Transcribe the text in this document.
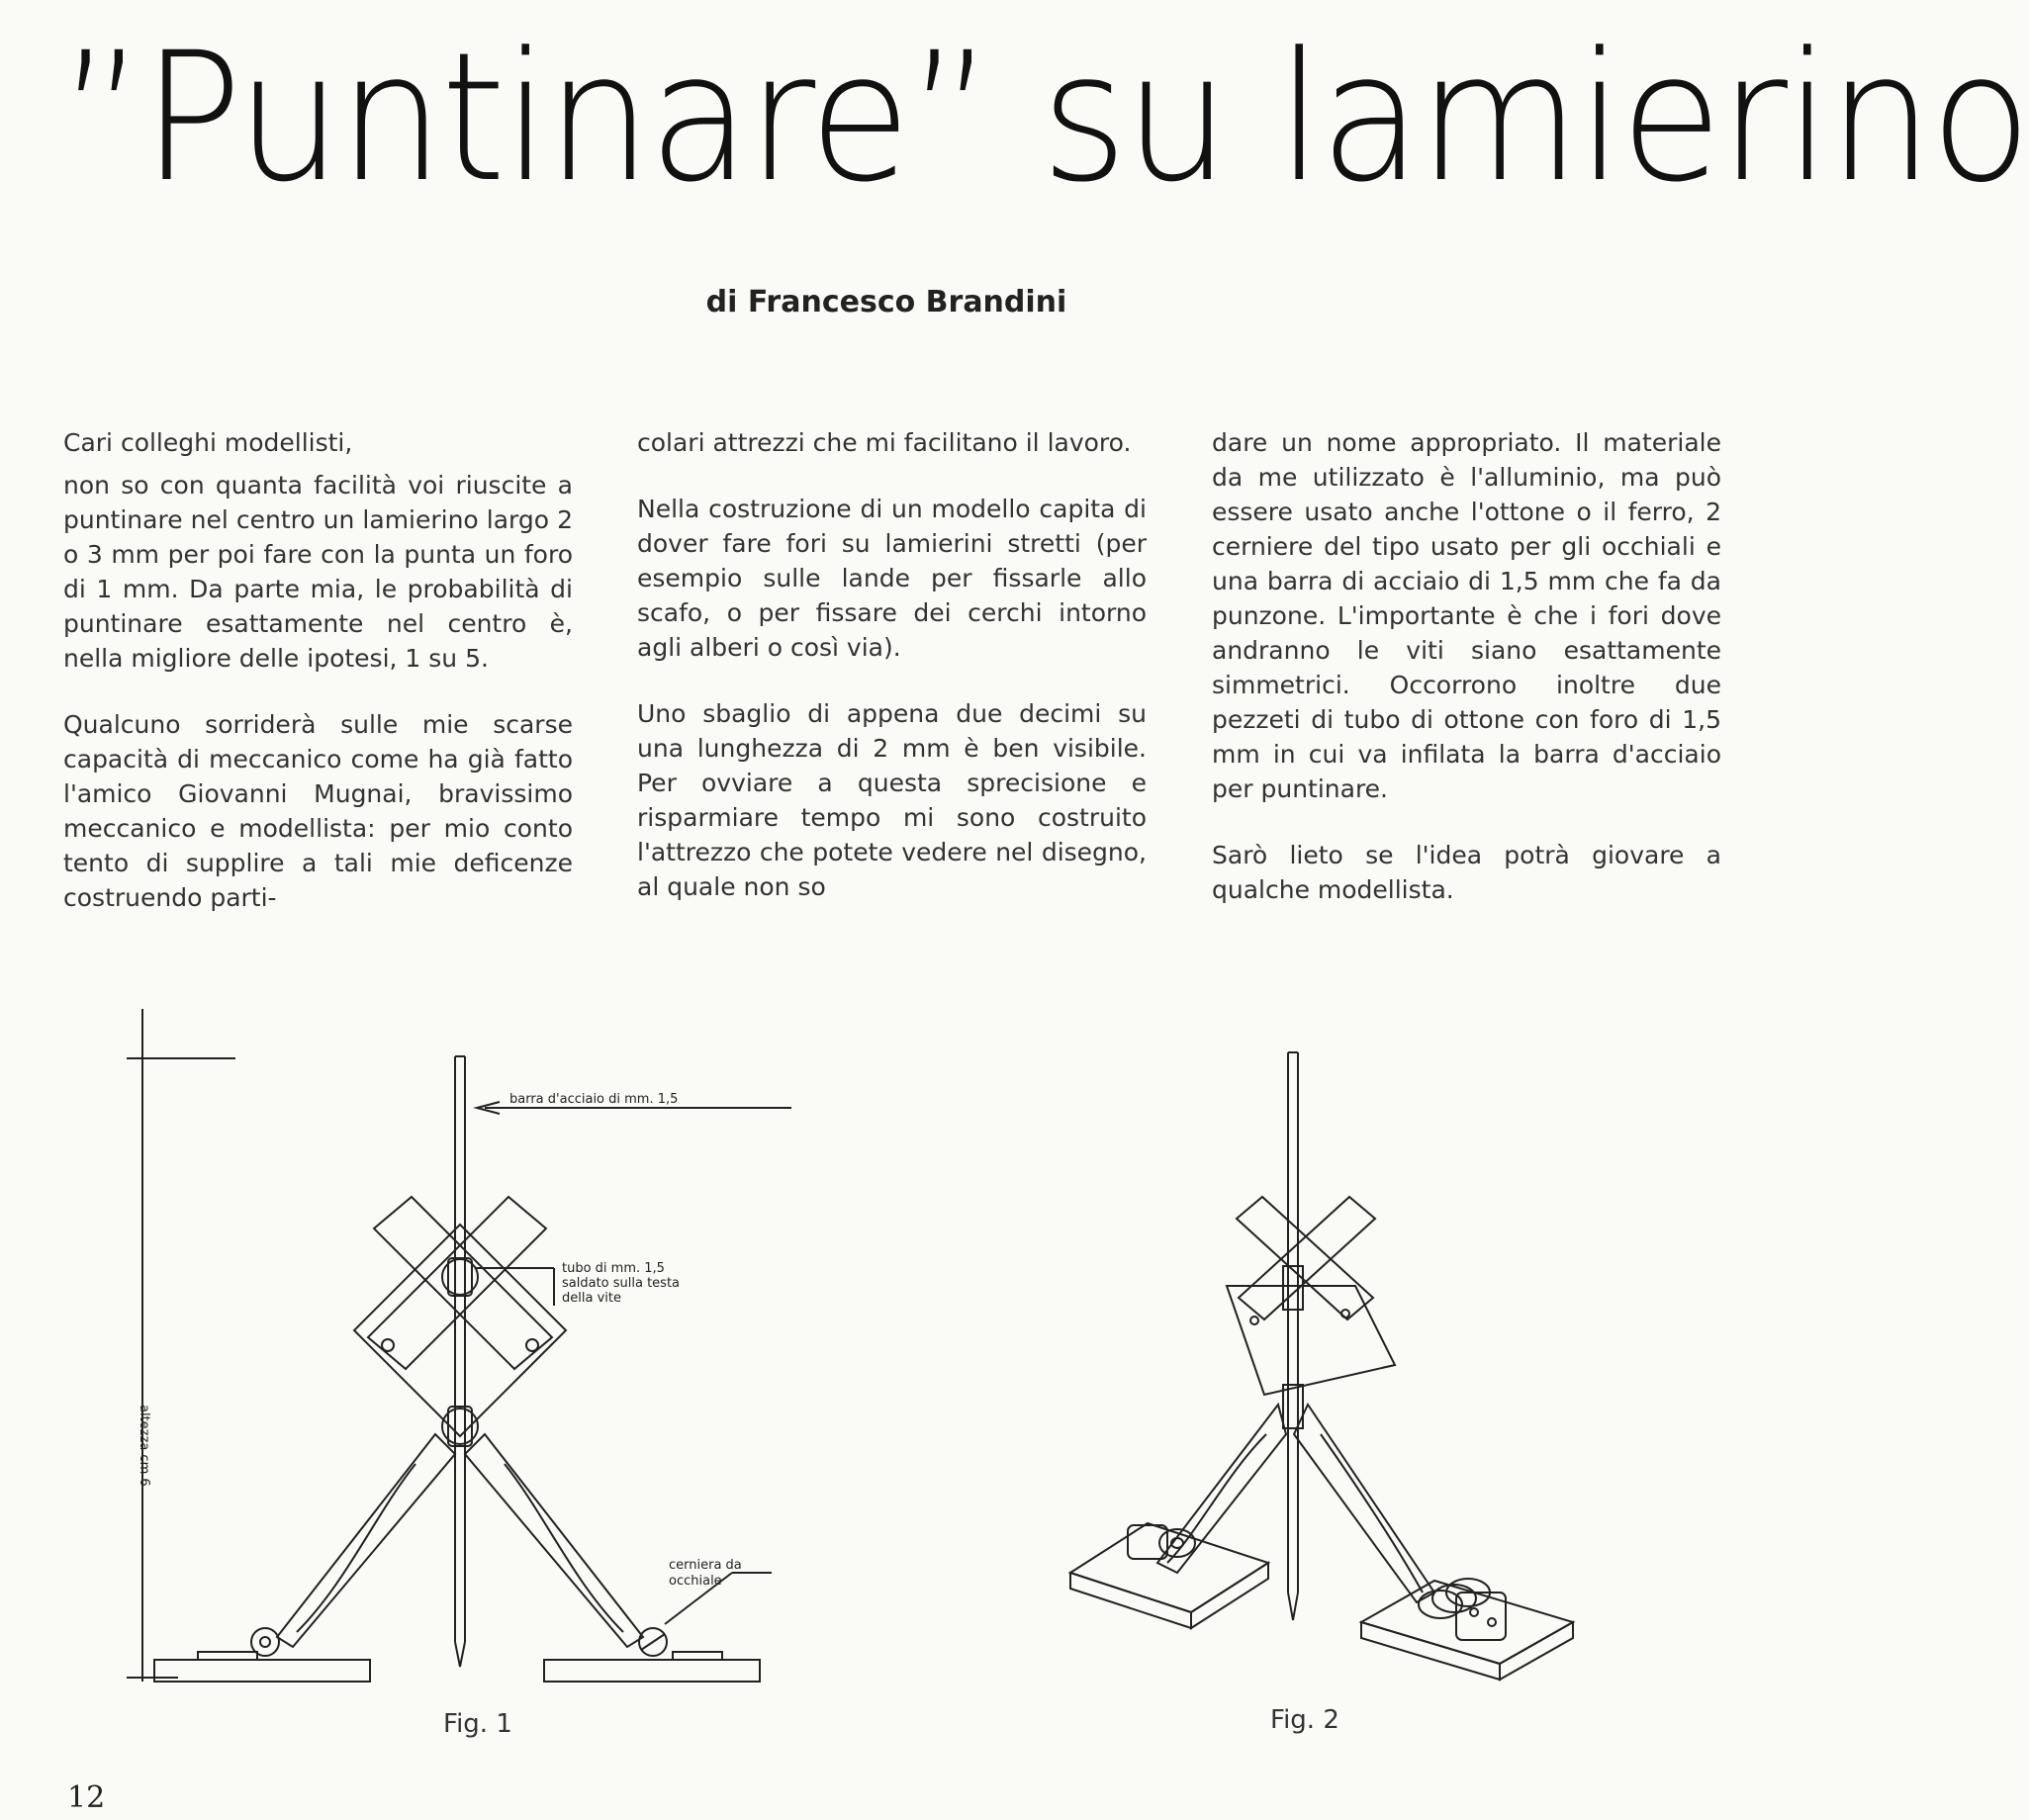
”Puntinare” su lamierino
di Francesco Brandini

Cari colleghi modellisti,

non so con quanta facilità voi riuscite a puntinare nel centro un lamierino largo 2 o 3 mm per poi fare con la punta un foro di 1 mm. Da parte mia, le probabilità di puntinare esattamente nel centro è, nella migliore delle ipotesi, 1 su 5.

Qualcuno sorriderà sulle mie scarse capacità di meccanico come ha già fatto l'amico Giovanni Mugnai, bravissimo meccanico e modellista: per mio conto tento di supplire a tali mie deficenze costruendo parti-

colari attrezzi che mi facilitano il lavoro.

Nella costruzione di un modello capita di dover fare fori su lamierini stretti (per esempio sulle lande per fissarle allo scafo, o per fissare dei cerchi intorno agli alberi o così via).

Uno sbaglio di appena due decimi su una lunghezza di 2 mm è ben visibile. Per ovviare a questa sprecisione e risparmiare tempo mi sono costruito l'attrezzo che potete vedere nel disegno, al quale non so

dare un nome appropriato. Il materiale da me utilizzato è l'alluminio, ma può essere usato anche l'ottone o il ferro, 2 cerniere del tipo usato per gli occhiali e una barra di acciaio di 1,5 mm che fa da punzone. L'importante è che i fori dove andranno le viti siano esattamente simmetrici. Occorrono inoltre due pezzeti di tubo di ottone con foro di 1,5 mm in cui va infilata la barra d'acciaio per puntinare.

Sarò lieto se l'idea potrà giovare a qualche modellista.

barra d'acciaio di mm. 1,5
tubo di mm. 1,5
saldato sulla testa
della vite
cerniera da
occhiale
altezza cm 6
Fig. 1	Fig. 2
12
